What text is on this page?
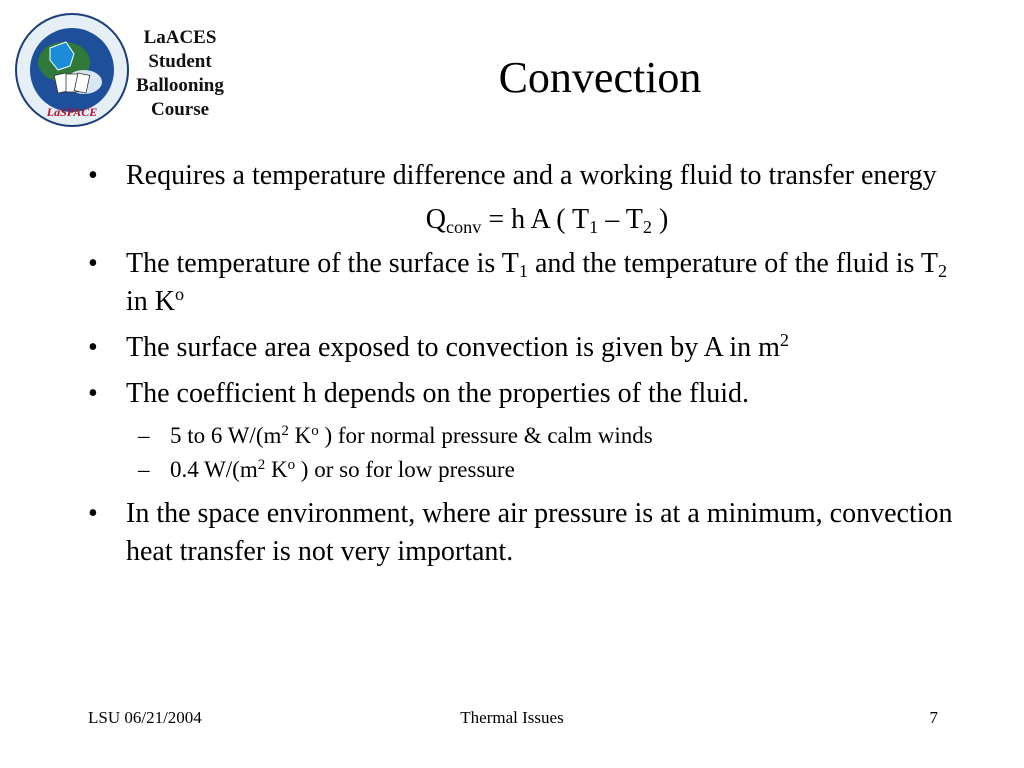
LaSPACE
LaACES
Student
Ballooning
Course
Convection

• Requires a temperature difference and a working fluid to transfer energy

$Q_{conv} = h$ A ( $T_1 - T_2$ )

• The temperature of the surface is $T_1$ and the temperature of the fluid is $T_2$ in $K^o$

• The surface area exposed to convection is given by A in $m^2$

• The coefficient h depends on the properties of the fluid.

– 5 to 6 $W/(m^2$ $K^o$ ) for normal pressure & calm winds

– 0.4 $W/(m^2$ $K^o$ ) or so for low pressure

• In the space environment, where air pressure is at a minimum, convection heat transfer is not very important.

LSU 06/21/2004	Thermal Issues	7
